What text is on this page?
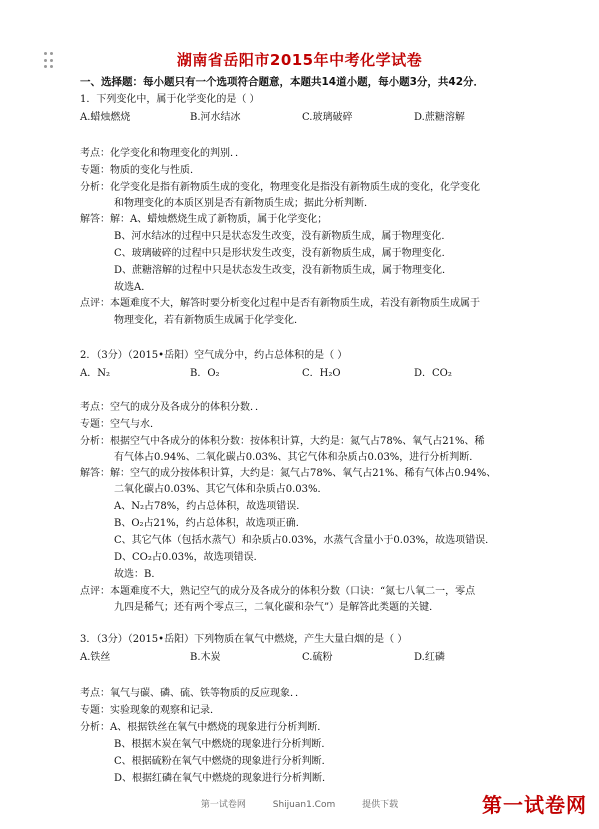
湖南省岳阳市2015年中考化学试卷
一、选择题：每小题只有一个选项符合题意，本题共14道小题，每小题3分，共42分．
1．下列变化中，属于化学变化的是（ ）
A.蜡烛燃烧	B.河水结冰	C.玻璃破碎	D.蔗糖溶解
考点：化学变化和物理变化的判别．．
专题：物质的变化与性质．
分析：化学变化是指有新物质生成的变化，物理变化是指没有新物质生成的变化，化学变化
和物理变化的本质区别是否有新物质生成；据此分析判断．
解答：解：A、蜡烛燃烧生成了新物质，属于化学变化；
B、河水结冰的过程中只是状态发生改变，没有新物质生成，属于物理变化．
C、玻璃破碎的过程中只是形状发生改变，没有新物质生成，属于物理变化．
D、蔗糖溶解的过程中只是状态发生改变，没有新物质生成，属于物理变化．
故选A．
点评：本题难度不大，解答时要分析变化过程中是否有新物质生成，若没有新物质生成属于
物理变化，若有新物质生成属于化学变化．
2．（3分）（2015•岳阳）空气成分中，约占总体积的是（ ）
A．N₂	B．O₂	C．H₂O	D．CO₂
考点：空气的成分及各成分的体积分数．．
专题：空气与水．
分析：根据空气中各成分的体积分数：按体积计算，大约是：氮气占78%、氧气占21%、稀
有气体占0.94%、二氧化碳占0.03%、其它气体和杂质占0.03%，进行分析判断．
解答：解：空气的成分按体积计算，大约是：氮气占78%、氧气占21%、稀有气体占0.94%、
二氧化碳占0.03%、其它气体和杂质占0.03%．
A、N₂占78%，约占总体积，故选项错误．
B、O₂占21%，约占总体积，故选项正确．
C、其它气体（包括水蒸气）和杂质占0.03%，水蒸气含量小于0.03%，故选项错误．
D、CO₂占0.03%，故选项错误．
故选：B．
点评：本题难度不大，熟记空气的成分及各成分的体积分数（口诀：“氮七八氧二一，零点
九四是稀气；还有两个零点三，二氧化碳和杂气”）是解答此类题的关键．
3．（3分）（2015•岳阳）下列物质在氧气中燃烧，产生大量白烟的是（ ）
A.铁丝	B.木炭	C.硫粉	D.红磷
考点：氧气与碳、磷、硫、铁等物质的反应现象．．
专题：实验现象的观察和记录．
分析：A、根据铁丝在氧气中燃烧的现象进行分析判断．
B、根据木炭在氧气中燃烧的现象进行分析判断．
C、根据硫粉在氧气中燃烧的现象进行分析判断．
D、根据红磷在氧气中燃烧的现象进行分析判断．
第一试卷网	Shijuan1.Com	提供下载	第一试卷网
